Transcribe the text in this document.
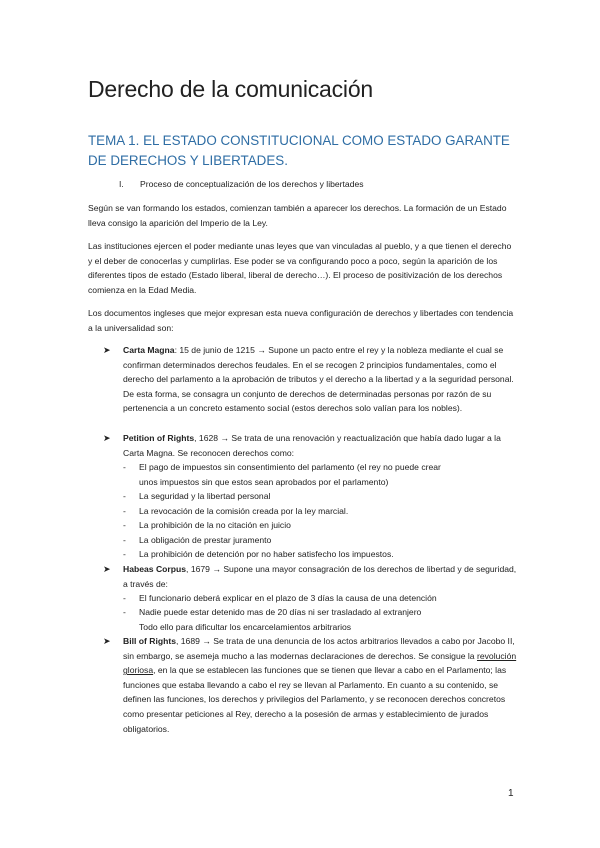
Derecho de la comunicación
TEMA 1. EL ESTADO CONSTITUCIONAL COMO ESTADO GARANTE DE DERECHOS Y LIBERTADES.
I. Proceso de conceptualización de los derechos y libertades

Según se van formando los estados, comienzan también a aparecer los derechos. La formación de un Estado lleva consigo la aparición del Imperio de la Ley.

Las instituciones ejercen el poder mediante unas leyes que van vinculadas al pueblo, y a que tienen el derecho y el deber de conocerlas y cumplirlas. Ese poder se va configurando poco a poco, según la aparición de los diferentes tipos de estado (Estado liberal, liberal de derecho…). El proceso de positivización de los derechos comienza en la Edad Media.

Los documentos ingleses que mejor expresan esta nueva configuración de derechos y libertades con tendencia a la universalidad son:

➤ Carta Magna: 15 de junio de 1215 → Supone un pacto entre el rey y la nobleza mediante el cual se confirman determinados derechos feudales. En el se recogen 2 principios fundamentales, como el derecho del parlamento a la aprobación de tributos y el derecho a la libertad y a la seguridad personal. De esta forma, se consagra un conjunto de derechos de determinadas personas por razón de su pertenencia a un concreto estamento social (estos derechos solo valían para los nobles).
➤ Petition of Rights, 1628 → Se trata de una renovación y reactualización que había dado lugar a la Carta Magna. Se reconocen derechos como:
- El pago de impuestos sin consentimiento del parlamento (el rey no puede crear
unos impuestos sin que estos sean aprobados por el parlamento)
- La seguridad y la libertad personal
- La revocación de la comisión creada por la ley marcial.
- La prohibición de la no citación en juicio
- La obligación de prestar juramento
- La prohibición de detención por no haber satisfecho los impuestos.
➤ Habeas Corpus, 1679 → Supone una mayor consagración de los derechos de libertad y de seguridad, a través de:
- El funcionario deberá explicar en el plazo de 3 días la causa de una detención
- Nadie puede estar detenido mas de 20 días ni ser trasladado al extranjero
Todo ello para dificultar los encarcelamientos arbitrarios
➤ Bill of Rights, 1689 → Se trata de una denuncia de los actos arbitrarios llevados a cabo por Jacobo II, sin embargo, se asemeja mucho a las modernas declaraciones de derechos. Se consigue la revolución gloriosa, en la que se establecen las funciones que se tienen que llevar a cabo en el Parlamento; las funciones que estaba llevando a cabo el rey se llevan al Parlamento. En cuanto a su contenido, se definen las funciones, los derechos y privilegios del Parlamento, y se reconocen derechos concretos como presentar peticiones al Rey, derecho a la posesión de armas y establecimiento de jurados obligatorios.
1
